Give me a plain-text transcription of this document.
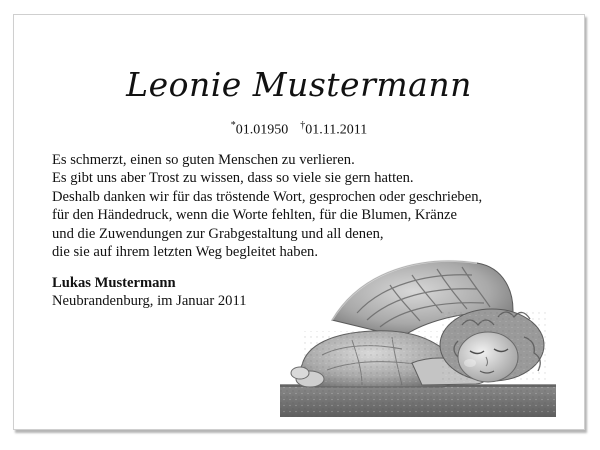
Leonie Mustermann
*01.01950 †01.11.2011
Es schmerzt, einen so guten Menschen zu verlieren.
Es gibt uns aber Trost zu wissen, dass so viele sie gern hatten.
Deshalb danken wir für das tröstende Wort, gesprochen oder geschrieben,
für den Händedruck, wenn die Worte fehlten, für die Blumen, Kränze
und die Zuwendungen zur Grabgestaltung und all denen,
die sie auf ihrem letzten Weg begleitet haben.
Lukas Mustermann
Neubrandenburg, im Januar 2011
